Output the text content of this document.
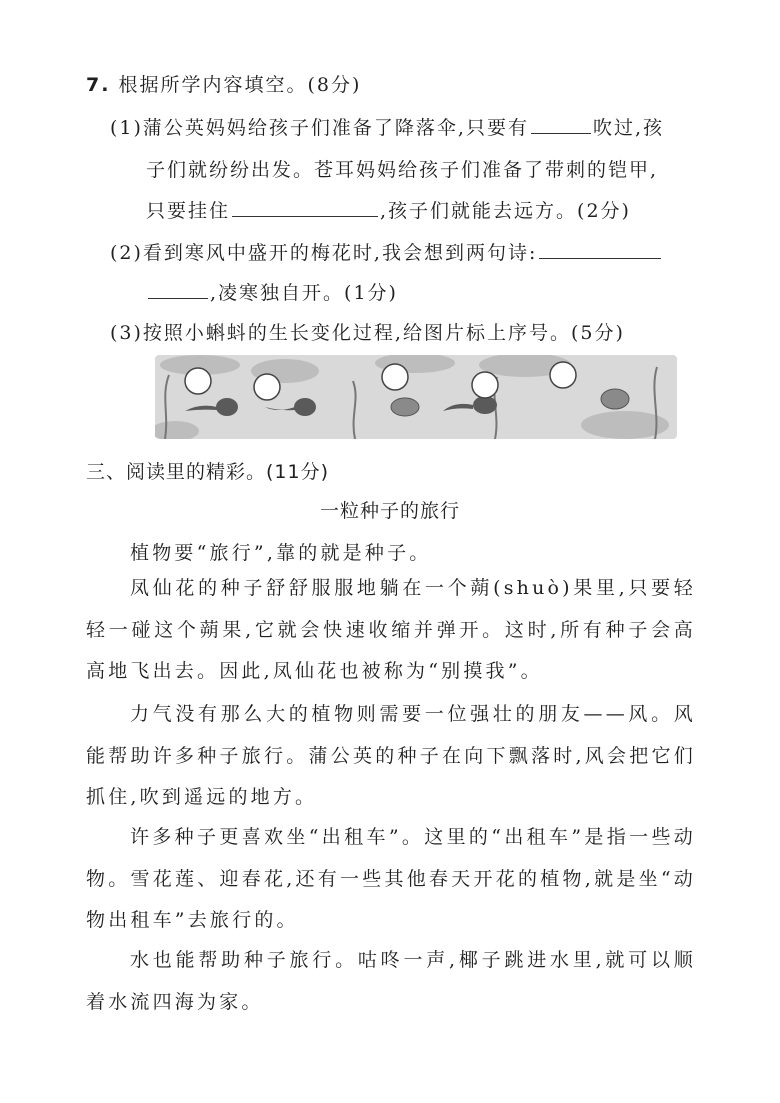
7. 根据所学内容填空。(8分)
(1)蒲公英妈妈给孩子们准备了降落伞,只要有	吹过,孩
子们就纷纷出发。苍耳妈妈给孩子们准备了带刺的铠甲,
只要挂住	,孩子们就能去远方。(2分)
(2)看到寒风中盛开的梅花时,我会想到两句诗:
,凌寒独自开。(1分)
(3)按照小蝌蚪的生长变化过程,给图片标上序号。(5分)
三、阅读里的精彩。(11分)
一粒种子的旅行
植物要“旅行”,靠的就是种子。
凤仙花的种子舒舒服服地躺在一个蒴(shuò)果里,只要轻轻一碰这个蒴果,它就会快速收缩并弹开。这时,所有种子会高高地飞出去。因此,凤仙花也被称为“别摸我”。
力气没有那么大的植物则需要一位强壮的朋友——风。风能帮助许多种子旅行。蒲公英的种子在向下飘落时,风会把它们抓住,吹到遥远的地方。
许多种子更喜欢坐“出租车”。这里的“出租车”是指一些动物。雪花莲、迎春花,还有一些其他春天开花的植物,就是坐“动物出租车”去旅行的。
水也能帮助种子旅行。咕咚一声,椰子跳进水里,就可以顺着水流四海为家。
